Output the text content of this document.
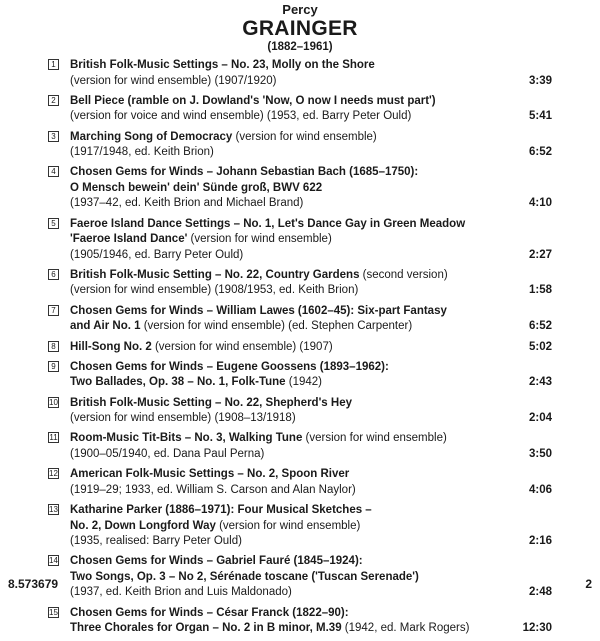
Percy
GRAINGER
(1882–1961)
1 British Folk-Music Settings – No. 23, Molly on the Shore
(version for wind ensemble) (1907/1920)	3:39
2 Bell Piece (ramble on J. Dowland's 'Now, O now I needs must part')
(version for voice and wind ensemble) (1953, ed. Barry Peter Ould)	5:41
3 Marching Song of Democracy (version for wind ensemble)
(1917/1948, ed. Keith Brion)	6:52
4 Chosen Gems for Winds – Johann Sebastian Bach (1685–1750):
O Mensch bewein' dein' Sünde groß, BWV 622
(1937–42, ed. Keith Brion and Michael Brand)	4:10
5 Faeroe Island Dance Settings – No. 1, Let's Dance Gay in Green Meadow
'Faeroe Island Dance' (version for wind ensemble)
(1905/1946, ed. Barry Peter Ould)	2:27
6 British Folk-Music Setting – No. 22, Country Gardens (second version)
(version for wind ensemble) (1908/1953, ed. Keith Brion)	1:58
7 Chosen Gems for Winds – William Lawes (1602–45): Six-part Fantasy
and Air No. 1 (version for wind ensemble) (ed. Stephen Carpenter)	6:52
8 Hill-Song No. 2 (version for wind ensemble) (1907)	5:02
9 Chosen Gems for Winds – Eugene Goossens (1893–1962):
Two Ballades, Op. 38 – No. 1, Folk-Tune (1942)	2:43
10 British Folk-Music Setting – No. 22, Shepherd's Hey
(version for wind ensemble) (1908–13/1918)	2:04
11 Room-Music Tit-Bits – No. 3, Walking Tune (version for wind ensemble)
(1900–05/1940, ed. Dana Paul Perna)	3:50
12 American Folk-Music Settings – No. 2, Spoon River
(1919–29; 1933, ed. William S. Carson and Alan Naylor)	4:06
13 Katharine Parker (1886–1971): Four Musical Sketches –
No. 2, Down Longford Way (version for wind ensemble)
(1935, realised: Barry Peter Ould)	2:16
14 Chosen Gems for Winds – Gabriel Fauré (1845–1924):
Two Songs, Op. 3 – No 2, Sérénade toscane ('Tuscan Serenade')
(1937, ed. Keith Brion and Luis Maldonado)	2:48
15 Chosen Gems for Winds – César Franck (1822–90):
Three Chorales for Organ – No. 2 in B minor, M.39 (1942, ed. Mark Rogers)	12:30
8.573679	2
